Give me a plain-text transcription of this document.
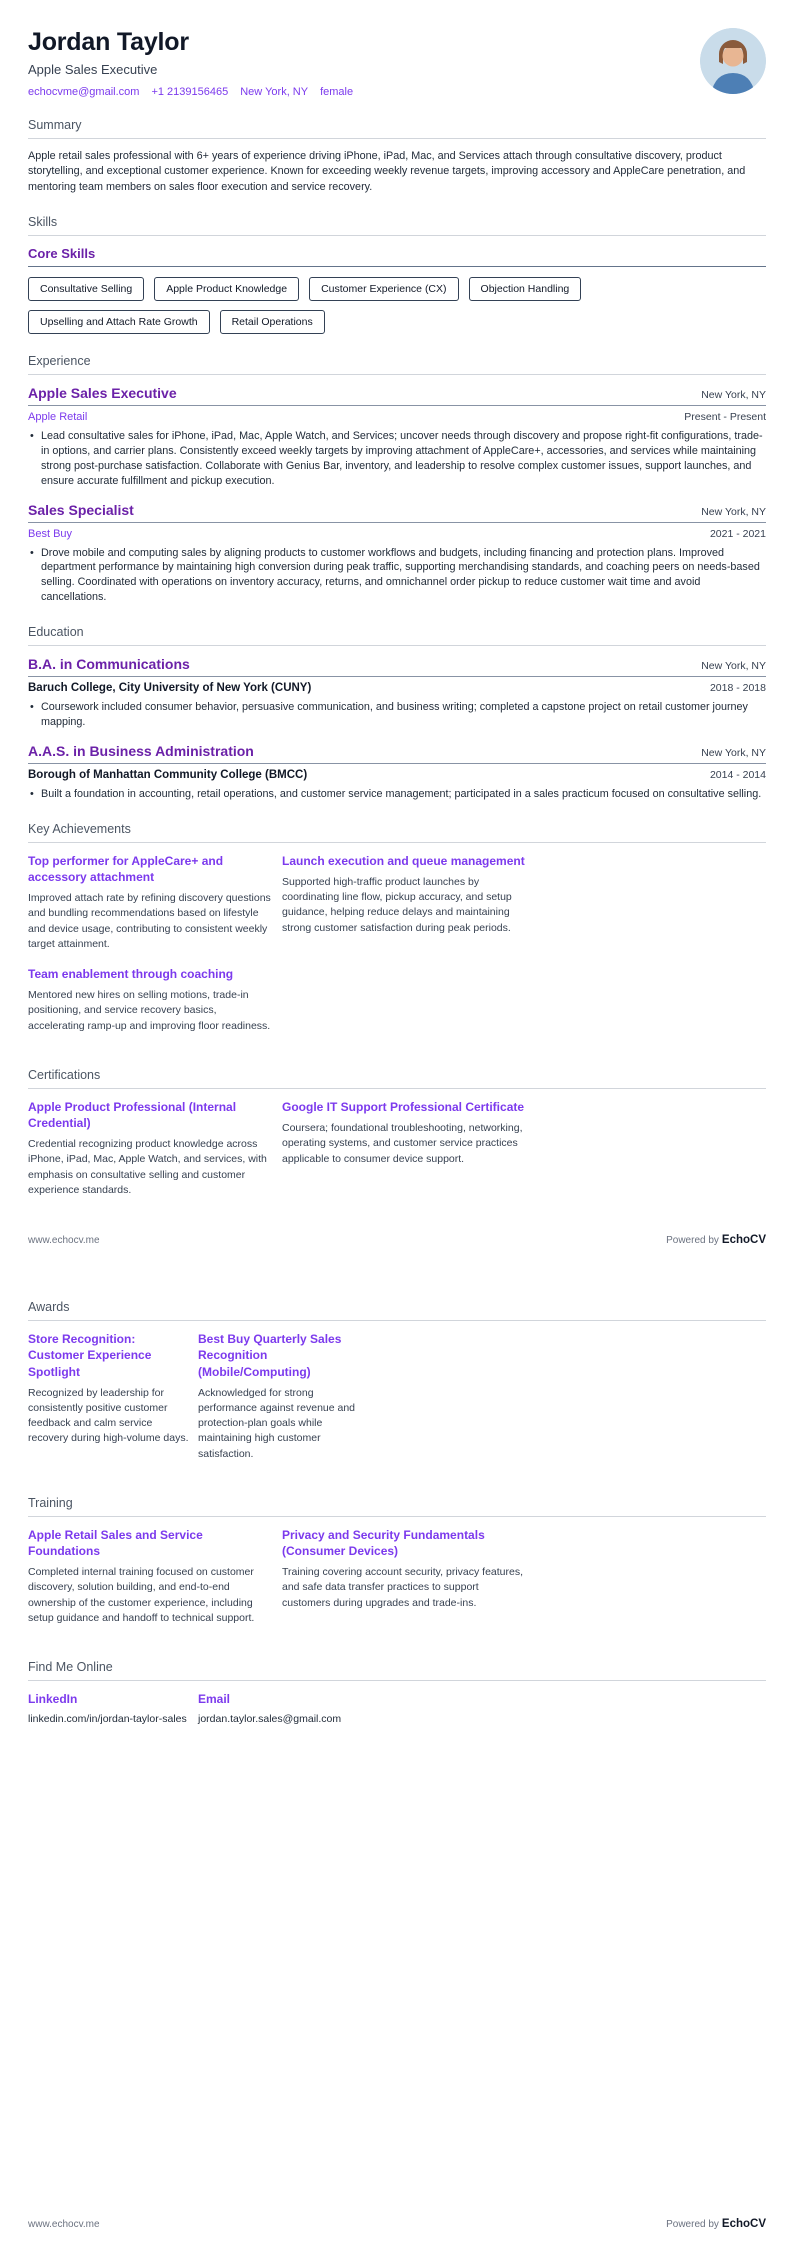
Jordan Taylor
Apple Sales Executive
echocvme@gmail.com +1 2139156465 New York, NY female
Summary
Apple retail sales professional with 6+ years of experience driving iPhone, iPad, Mac, and Services attach through consultative discovery, product storytelling, and exceptional customer experience. Known for exceeding weekly revenue targets, improving accessory and AppleCare penetration, and mentoring team members on sales floor execution and service recovery.
Skills
Core Skills
Consultative Selling	Apple Product Knowledge	Customer Experience (CX)	Objection Handling
Upselling and Attach Rate Growth	Retail Operations
Experience
Apple Sales Executive	New York, NY
Apple Retail	Present - Present
• Lead consultative sales for iPhone, iPad, Mac, Apple Watch, and Services; uncover needs through discovery and propose right-fit configurations, trade-in options, and carrier plans. Consistently exceed weekly targets by improving attachment of AppleCare+, accessories, and services while maintaining strong post-purchase satisfaction. Collaborate with Genius Bar, inventory, and leadership to resolve complex customer issues, support launches, and ensure accurate fulfillment and pickup execution.
Sales Specialist	New York, NY
Best Buy	2021 - 2021
• Drove mobile and computing sales by aligning products to customer workflows and budgets, including financing and protection plans. Improved department performance by maintaining high conversion during peak traffic, supporting merchandising standards, and coaching peers on needs-based selling. Coordinated with operations on inventory accuracy, returns, and omnichannel order pickup to reduce customer wait time and avoid cancellations.
Education
B.A. in Communications	New York, NY
Baruch College, City University of New York (CUNY)	2018 - 2018
• Coursework included consumer behavior, persuasive communication, and business writing; completed a capstone project on retail customer journey mapping.
A.A.S. in Business Administration	New York, NY
Borough of Manhattan Community College (BMCC)	2014 - 2014
• Built a foundation in accounting, retail operations, and customer service management; participated in a sales practicum focused on consultative selling.
Key Achievements
Top performer for AppleCare+ and accessory attachment
Improved attach rate by refining discovery questions and bundling recommendations based on lifestyle and device usage, contributing to consistent weekly target attainment.
Team enablement through coaching
Mentored new hires on selling motions, trade-in positioning, and service recovery basics, accelerating ramp-up and improving floor readiness.
Launch execution and queue management
Supported high-traffic product launches by coordinating line flow, pickup accuracy, and setup guidance, helping reduce delays and maintaining strong customer satisfaction during peak periods.
Certifications
Apple Product Professional (Internal Credential)
Credential recognizing product knowledge across iPhone, iPad, Mac, Apple Watch, and services, with emphasis on consultative selling and customer experience standards.
Google IT Support Professional Certificate
Coursera; foundational troubleshooting, networking, operating systems, and customer service practices applicable to consumer device support.
www.echocv.me	Powered by EchoCV
Awards
Store Recognition: Customer Experience Spotlight
Recognized by leadership for consistently positive customer feedback and calm service recovery during high-volume days.
Best Buy Quarterly Sales Recognition (Mobile/Computing)
Acknowledged for strong performance against revenue and protection-plan goals while maintaining high customer satisfaction.
Training
Apple Retail Sales and Service Foundations
Completed internal training focused on customer discovery, solution building, and end-to-end ownership of the customer experience, including setup guidance and handoff to technical support.
Privacy and Security Fundamentals (Consumer Devices)
Training covering account security, privacy features, and safe data transfer practices to support customers during upgrades and trade-ins.
Find Me Online
LinkedIn
linkedin.com/in/jordan-taylor-sales
Email
jordan.taylor.sales@gmail.com
www.echocv.me	Powered by EchoCV
